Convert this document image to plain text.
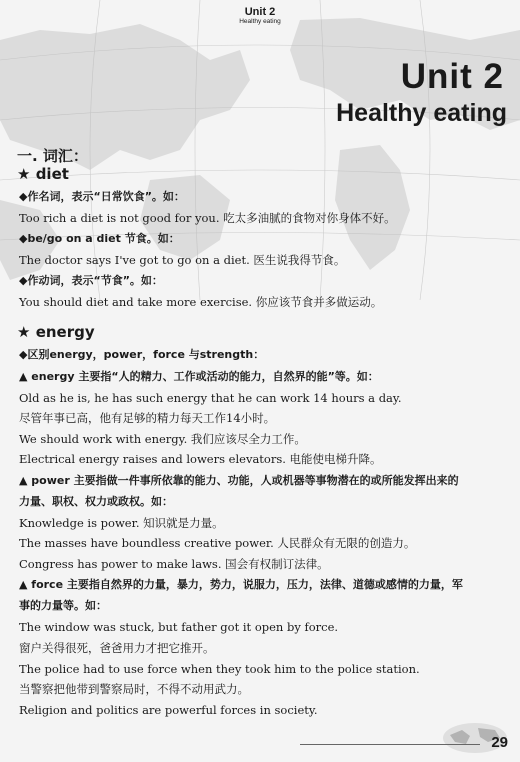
Unit 2
Healthy eating
Unit 2
Healthy eating
一. 词汇：
★ diet
◆作名词，表示“日常饮食”。如：
Too rich a diet is not good for you. 吃太多油腻的食物对你身体不好。
◆be/go on a diet 节食。如：
The doctor says I've got to go on a diet. 医生说我得节食。
◆作动词，表示“节食”。如：
You should diet and take more exercise. 你应该节食并多做运动。
★ energy
◆区别energy，power，force 与strength：
▲ energy 主要指“人的精力、工作或活动的能力，自然界的能”等。如：
Old as he is, he has such energy that he can work 14 hours a day.
尽管年事已高，他有足够的精力每天工作14小时。
We should work with energy. 我们应该尽全力工作。
Electrical energy raises and lowers elevators. 电能使电梯升降。
▲ power 主要指做一件事所依靠的能力、功能，人或机器等事物潜在的或所能发挥出来的
力量、职权、权力或政权。如：
Knowledge is power. 知识就是力量。
The masses have boundless creative power. 人民群众有无限的创造力。
Congress has power to make laws. 国会有权制订法律。
▲ force 主要指自然界的力量，暴力，势力，说服力，压力，法律、道德或感情的力量，军
事的力量等。如：
The window was stuck, but father got it open by force.
窗户关得很死，爸爸用力才把它推开。
The police had to use force when they took him to the police station.
当警察把他带到警察局时，不得不动用武力。
Religion and politics are powerful forces in society.
29
